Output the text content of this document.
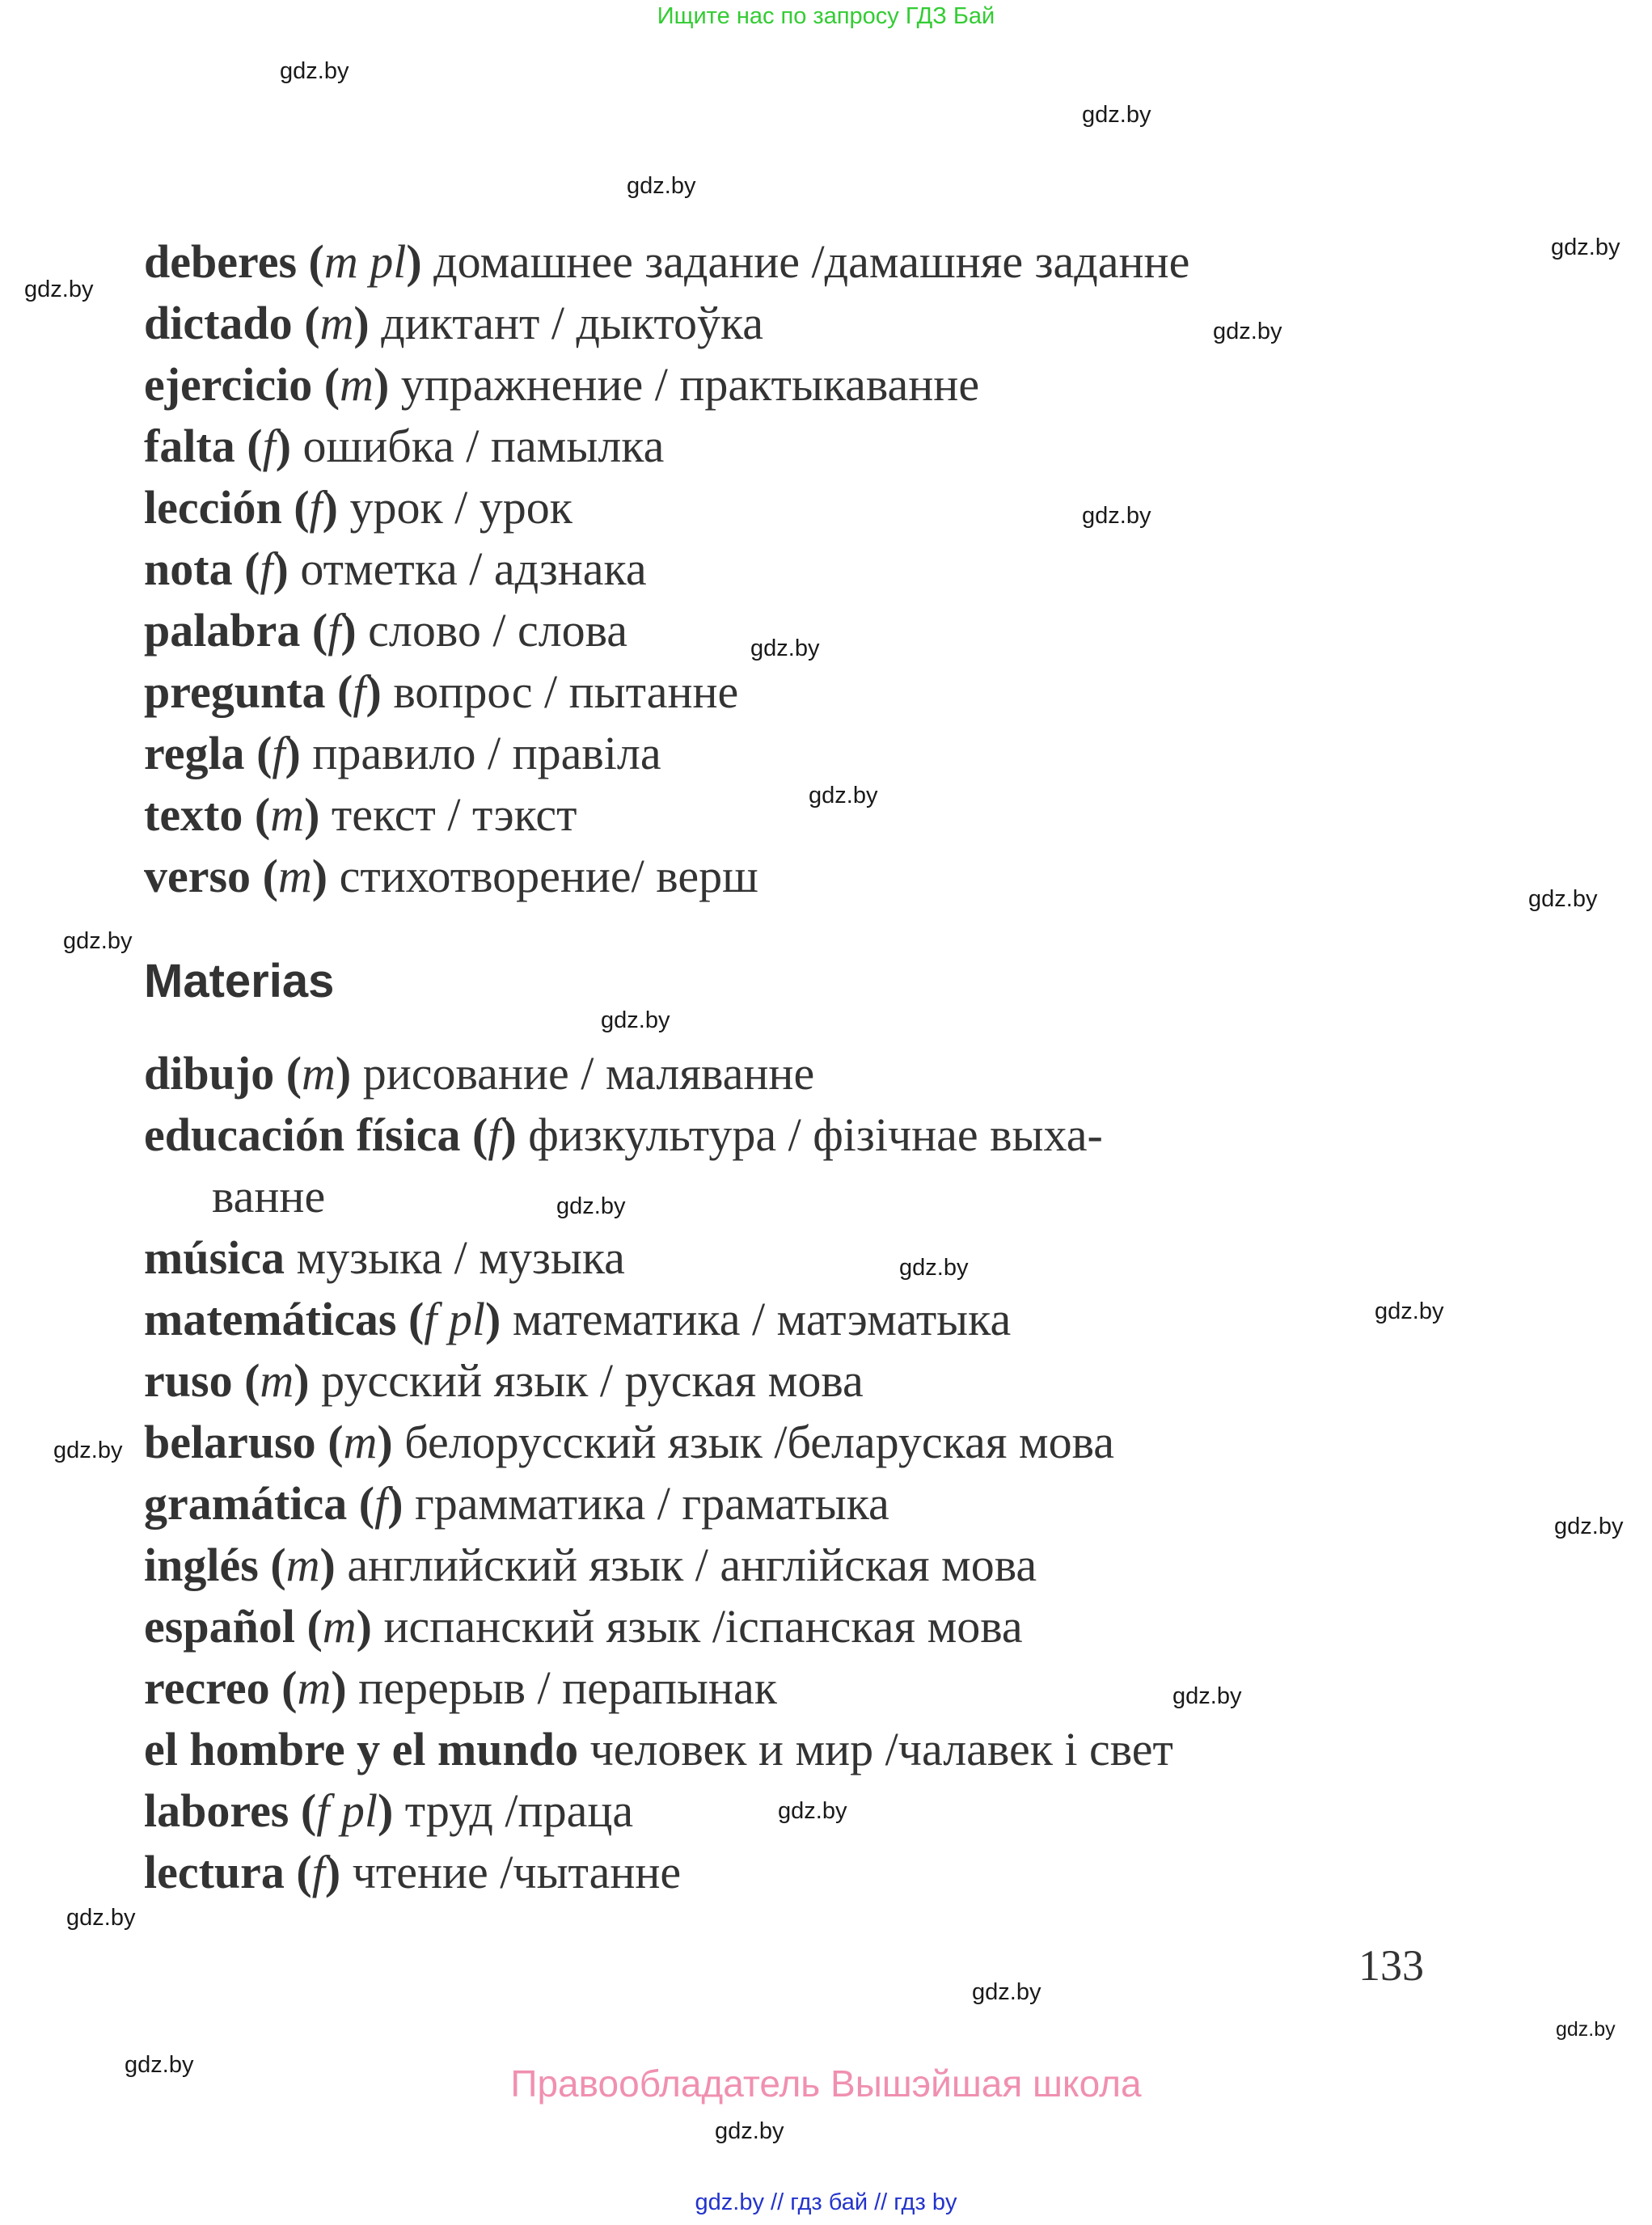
Ищите нас по запросу ГДЗ Бай
gdz.by
gdz.by
gdz.by
gdz.by
gdz.by
gdz.by
gdz.by
gdz.by
gdz.by
gdz.by
gdz.by
gdz.by
gdz.by
gdz.by
gdz.by
gdz.by
gdz.by
gdz.by
gdz.by
gdz.by
gdz.by
gdz.by
gdz.by
gdz.by
deberes (m pl) домашнее задание /дамашняе заданне
dictado (m) диктант / дыктоўка
ejercicio (m) упражнение / практыкаванне
falta (f) ошибка / памылка
lección (f) урок / урок
nota (f) отметка / адзнака
palabra (f) слово / слова
pregunta (f) вопрос / пытанне
regla (f) правило / правіла
texto (m) текст / тэкст
verso (m) стихотворение/ верш
Materias
dibujo (m) рисование / маляванне
educación física (f) физкультура / фізічнае выха-
ванне
música музыка / музыка
matemáticas (f pl) математика / матэматыка
ruso (m) русский язык / руская мова
belaruso (m) белорусский язык /беларуская мова
gramática (f) грамматика / граматыка
inglés (m) английский язык / англійская мова
español (m) испанский язык /іспанская мова
recreo (m) перерыв / перапынак
el hombre y el mundo человек и мир /чалавек і свет
labores (f pl) труд /праца
lectura (f) чтение /чытанне
133
Правообладатель Вышэйшая школа
gdz.by // гдз бай // гдз by
